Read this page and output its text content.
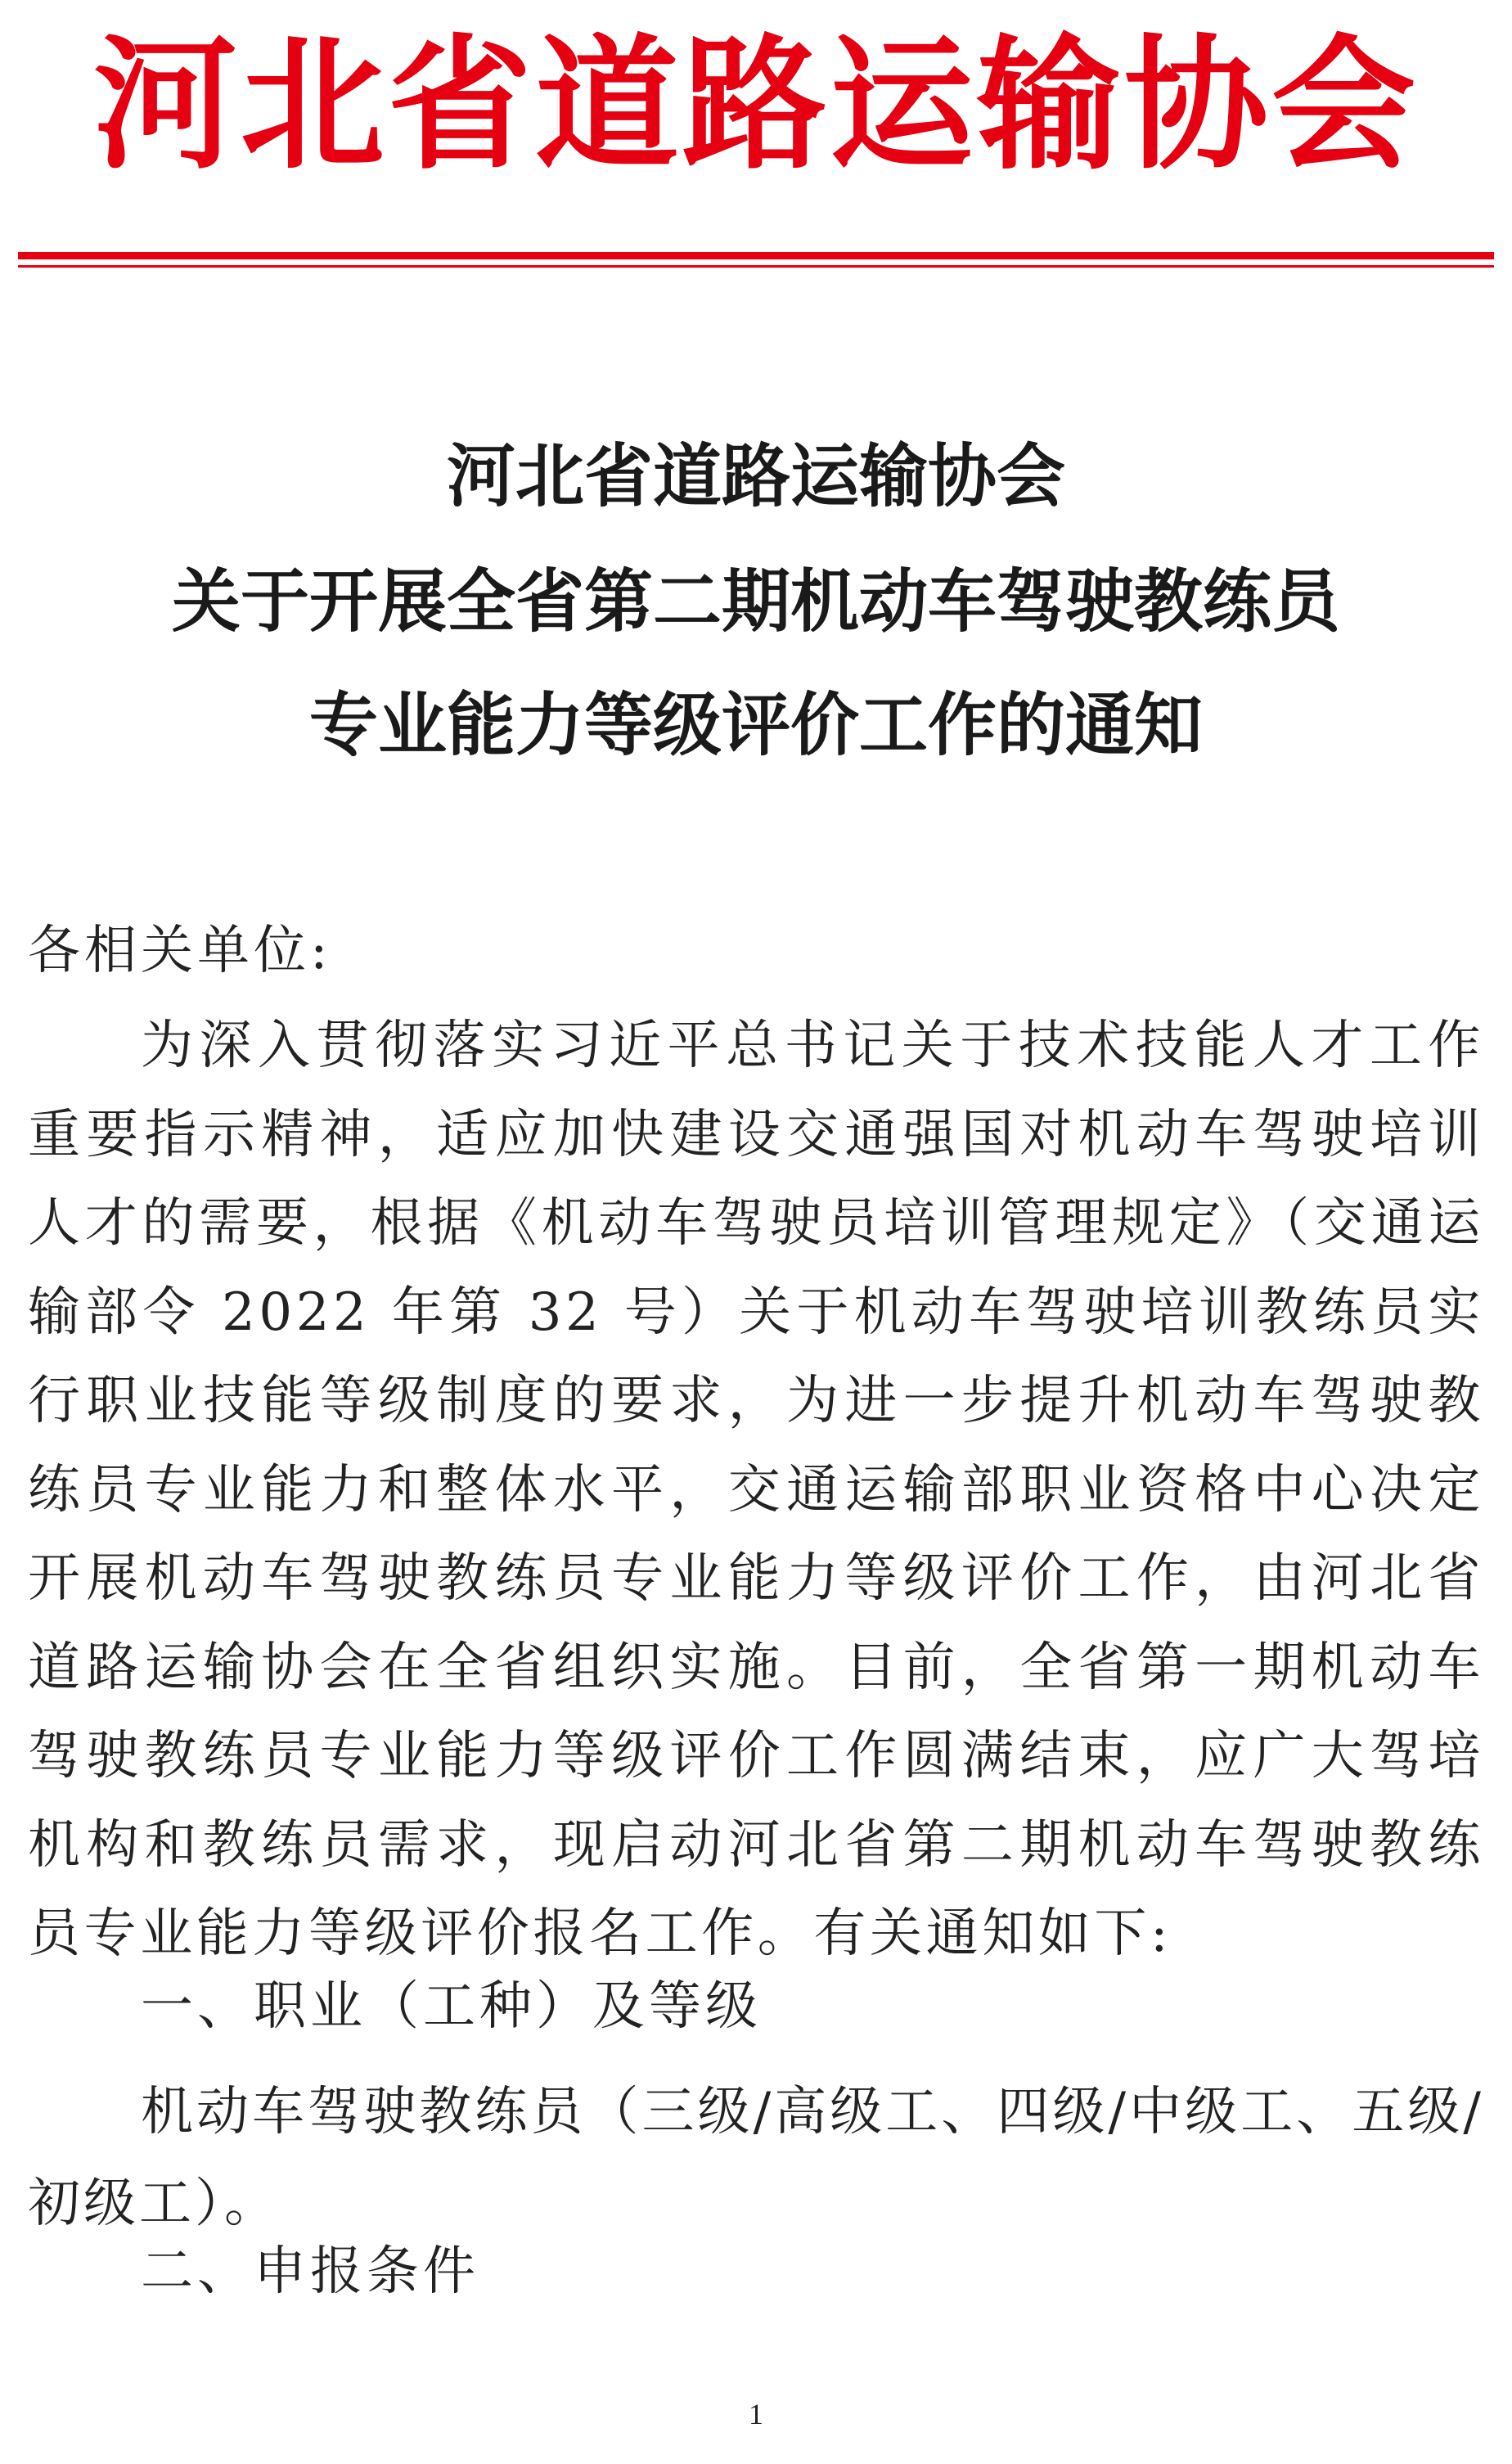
河北省道路运输协会
河北省道路运输协会
关于开展全省第二期机动车驾驶教练员
专业能力等级评价工作的通知
各相关单位:
为深入贯彻落实习近平总书记关于技术技能人才工作重要指示精神，适应加快建设交通强国对机动车驾驶培训人才的需要，根据《机动车驾驶员培训管理规定》（交通运输部令 2022 年第 32 号）关于机动车驾驶培训教练员实行职业技能等级制度的要求，为进一步提升机动车驾驶教练员专业能力和整体水平，交通运输部职业资格中心决定开展机动车驾驶教练员专业能力等级评价工作，由河北省道路运输协会在全省组织实施。目前，全省第一期机动车驾驶教练员专业能力等级评价工作圆满结束，应广大驾培机构和教练员需求，现启动河北省第二期机动车驾驶教练员专业能力等级评价报名工作。有关通知如下:
一、职业（工种）及等级
机动车驾驶教练员（三级/高级工、四级/中级工、五级/初级工）。
二、申报条件
1
